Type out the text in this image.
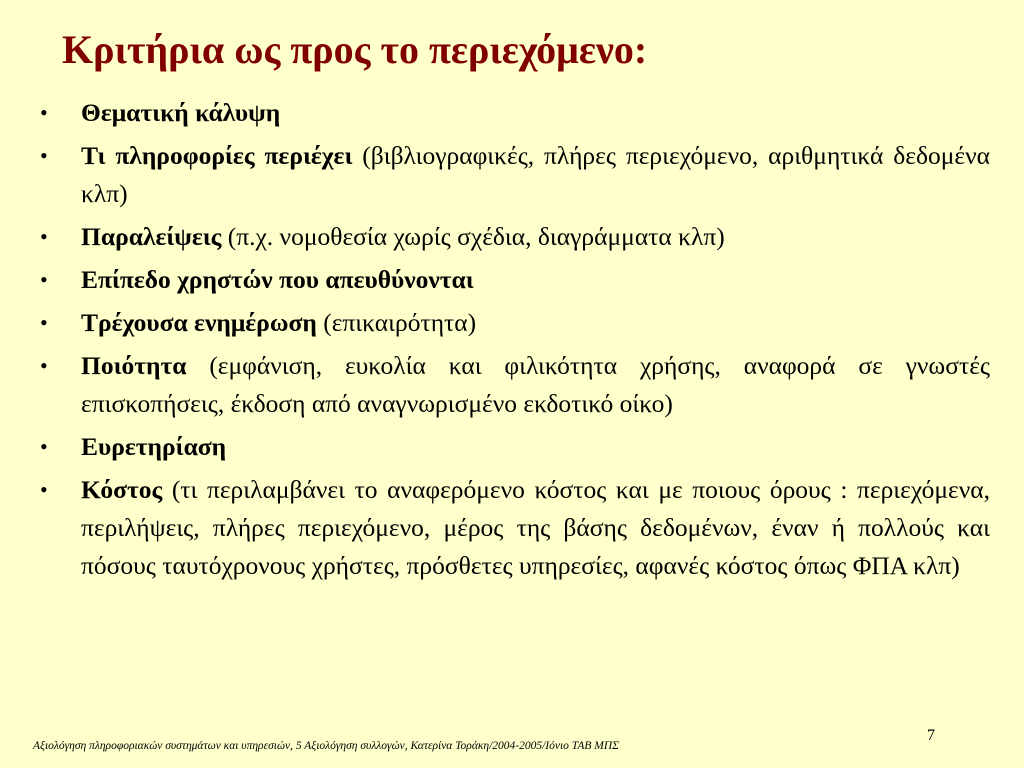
Κριτήρια ως προς το περιεχόμενο:
• Θεματική κάλυψη
• Τι πληροφορίες περιέχει (βιβλιογραφικές, πλήρες περιεχόμενο, αριθμητικά δεδομένα κλπ)
• Παραλείψεις (π.χ. νομοθεσία χωρίς σχέδια, διαγράμματα κλπ)
• Επίπεδο χρηστών που απευθύνονται
• Τρέχουσα ενημέρωση (επικαιρότητα)
• Ποιότητα (εμφάνιση, ευκολία και φιλικότητα χρήσης, αναφορά σε γνωστές επισκοπήσεις, έκδοση από αναγνωρισμένο εκδοτικό οίκο)
• Ευρετηρίαση
• Κόστος (τι περιλαμβάνει το αναφερόμενο κόστος και με ποιους όρους : περιεχόμενα, περιλήψεις, πλήρες περιεχόμενο, μέρος της βάσης δεδομένων, έναν ή πολλούς και πόσους ταυτόχρονους χρήστες, πρόσθετες υπηρεσίες, αφανές κόστος όπως ΦΠΑ κλπ)
Αξιολόγηση πληροφοριακών συστημάτων και υπηρεσιών, 5 Αξιολόγηση συλλογών, Κατερίνα Τοράκη/2004-2005/Ιόνιο ΤΑΒ ΜΠΣ
7
